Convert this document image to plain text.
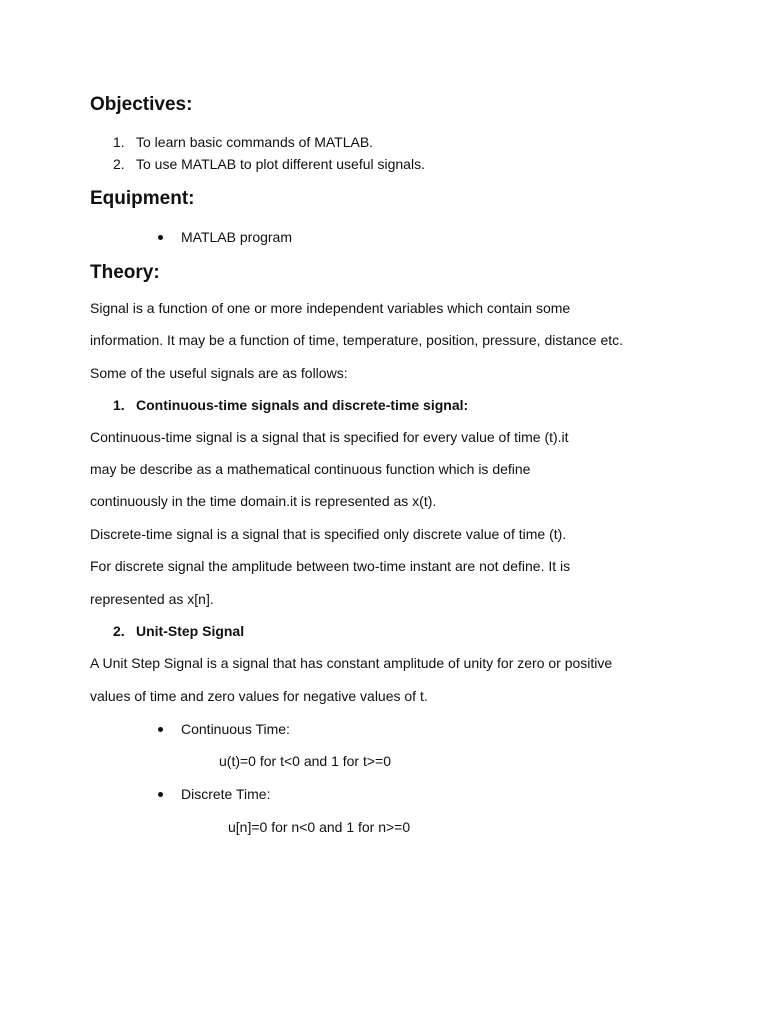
Objectives:
1. To learn basic commands of MATLAB.
2. To use MATLAB to plot different useful signals.
Equipment:
MATLAB program
Theory:
Signal is a function of one or more independent variables which contain some
information. It may be a function of time, temperature, position, pressure, distance etc.
Some of the useful signals are as follows:
1. Continuous-time signals and discrete-time signal:
Continuous-time signal is a signal that is specified for every value of time (t).it
may be describe as a mathematical continuous function which is define
continuously in the time domain.it is represented as x(t).
Discrete-time signal is a signal that is specified only discrete value of time (t).
For discrete signal the amplitude between two-time instant are not define. It is
represented as x[n].
2. Unit-Step Signal
A Unit Step Signal is a signal that has constant amplitude of unity for zero or positive
values of time and zero values for negative values of t.
Continuous Time:
u(t)=0 for t<0 and 1 for t>=0
Discrete Time:
u[n]=0 for n<0 and 1 for n>=0
